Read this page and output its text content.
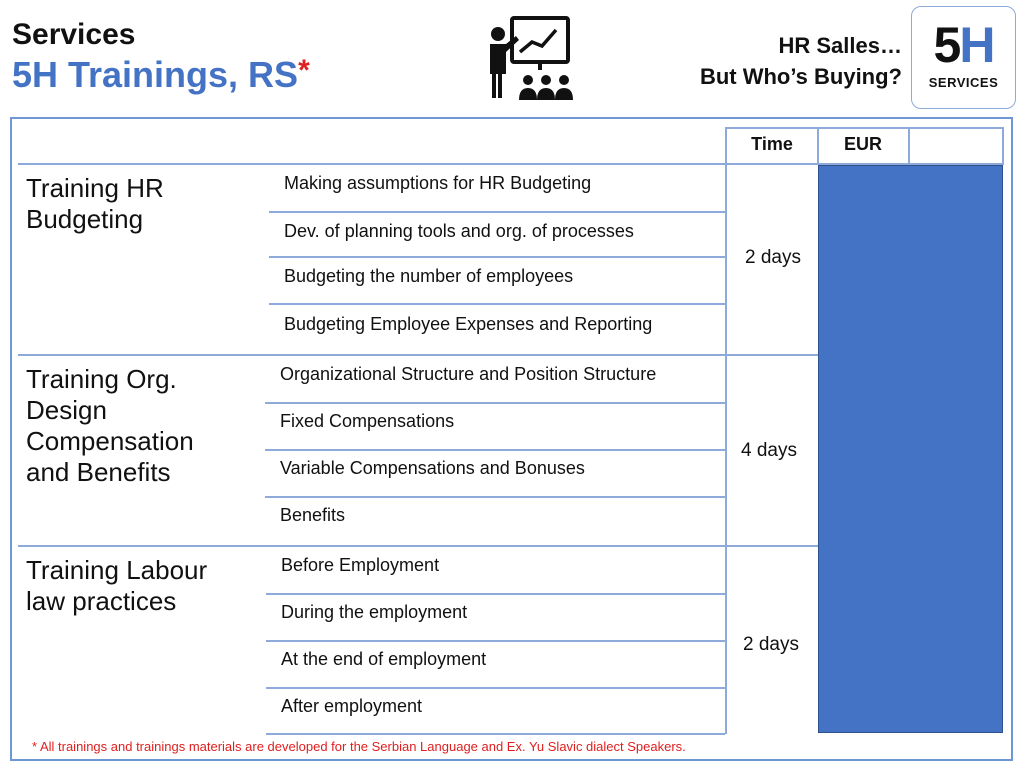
Services
5H Trainings, RS*
HR Salles…
But Who’s Buying?
5H
SERVICES
Time	EUR
Training HR
Budgeting
Making assumptions for HR Budgeting
Dev. of planning tools and org. of processes
Budgeting the number of employees
Budgeting Employee Expenses and Reporting
2 days
Training Org.
Design
Compensation
and Benefits
Organizational Structure and Position Structure
Fixed Compensations
Variable Compensations and Bonuses
Benefits
4 days
Training Labour
law practices
Before Employment
During the employment
At the end of employment
After employment
2 days
* All trainings and trainings materials are developed for the Serbian Language and Ex. Yu Slavic dialect Speakers.
